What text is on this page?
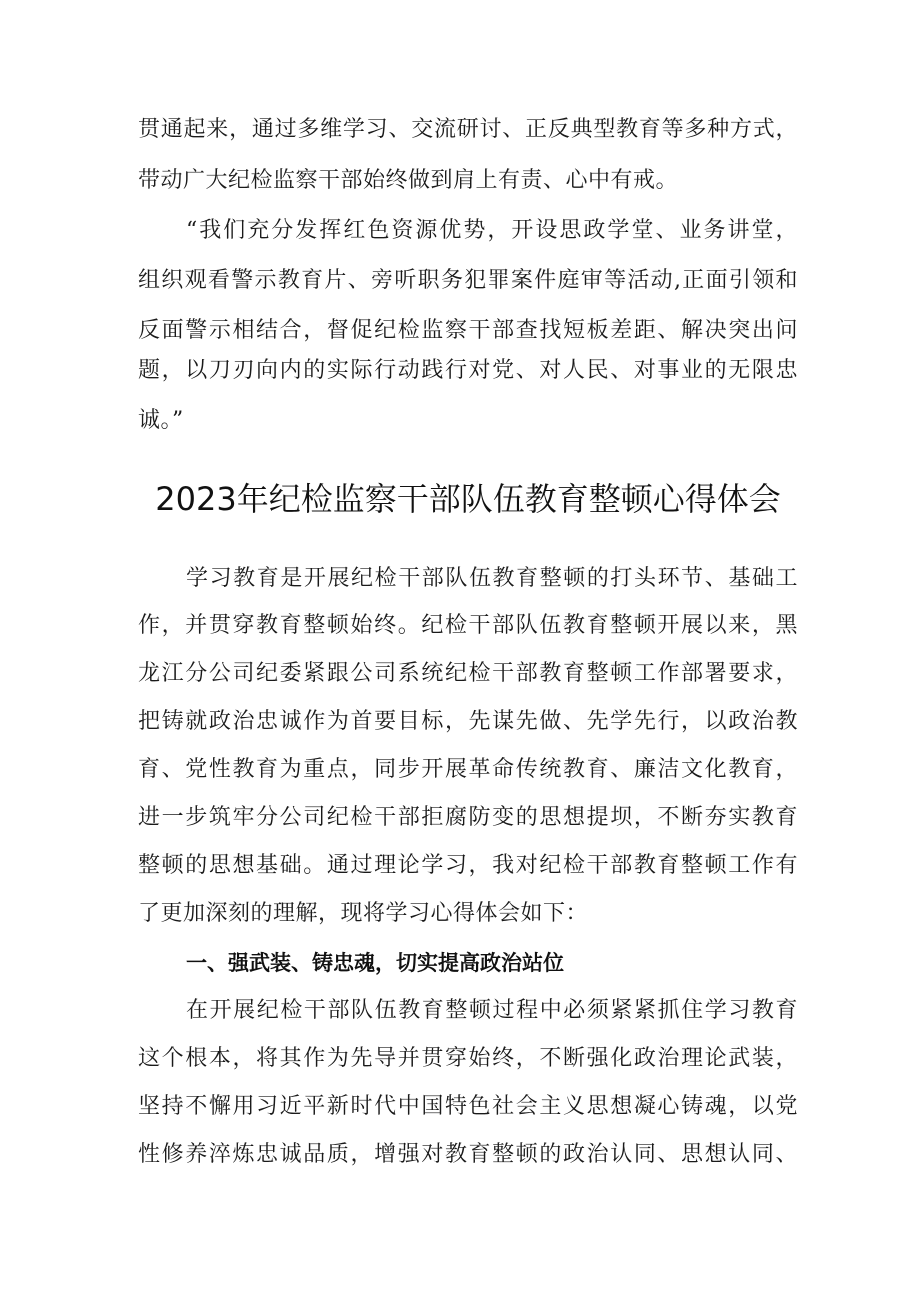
贯通起来，通过多维学习、交流研讨、正反典型教育等多种方式，
带动广大纪检监察干部始终做到肩上有责、心中有戒。
“我们充分发挥红色资源优势，开设思政学堂、业务讲堂，
组织观看警示教育片、旁听职务犯罪案件庭审等活动,正面引领和
反面警示相结合，督促纪检监察干部查找短板差距、解决突出问
题，以刀刃向内的实际行动践行对党、对人民、对事业的无限忠
诚。”
2023年纪检监察干部队伍教育整顿心得体会
学习教育是开展纪检干部队伍教育整顿的打头环节、基础工
作，并贯穿教育整顿始终。纪检干部队伍教育整顿开展以来，黑
龙江分公司纪委紧跟公司系统纪检干部教育整顿工作部署要求，
把铸就政治忠诚作为首要目标，先谋先做、先学先行，以政治教
育、党性教育为重点，同步开展革命传统教育、廉洁文化教育，
进一步筑牢分公司纪检干部拒腐防变的思想提坝，不断夯实教育
整顿的思想基础。通过理论学习，我对纪检干部教育整顿工作有
了更加深刻的理解，现将学习心得体会如下：
一、强武装、铸忠魂，切实提高政治站位
在开展纪检干部队伍教育整顿过程中必须紧紧抓住学习教育
这个根本，将其作为先导并贯穿始终，不断强化政治理论武装，
坚持不懈用习近平新时代中国特色社会主义思想凝心铸魂，以党
性修养淬炼忠诚品质，增强对教育整顿的政治认同、思想认同、
